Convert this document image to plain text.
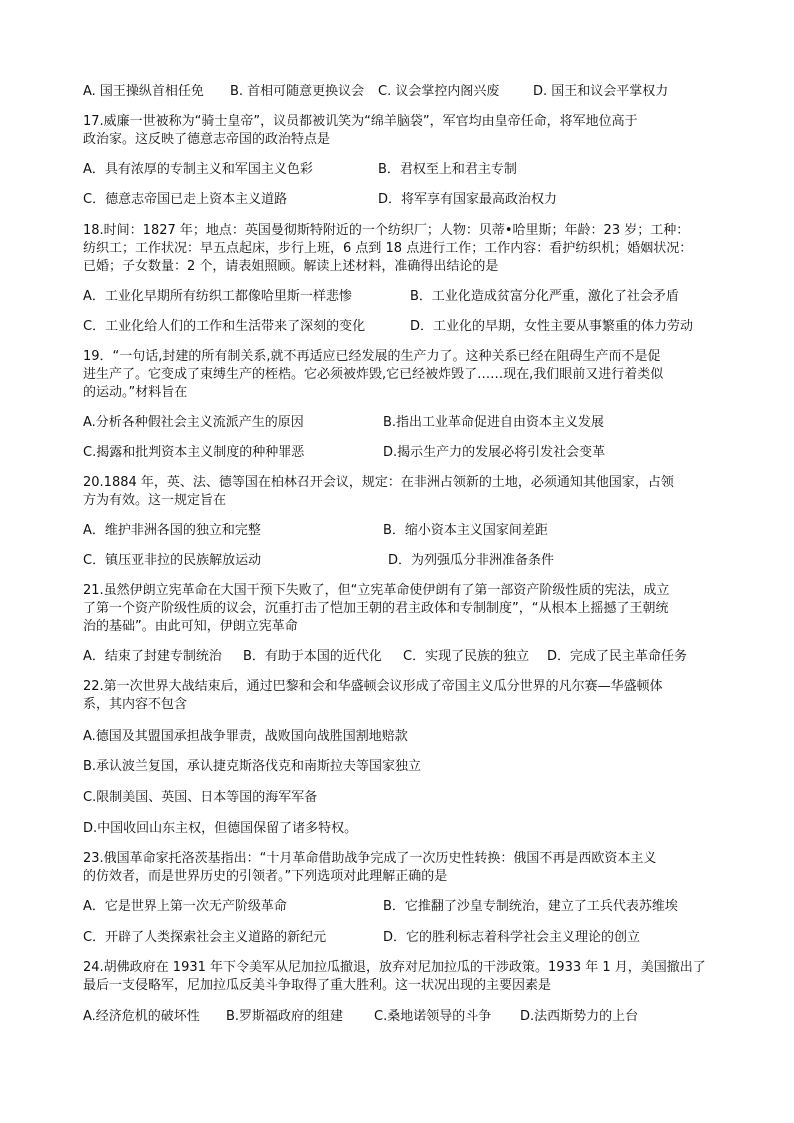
A. 国王操纵首相任免 B. 首相可随意更换议会 C. 议会掌控内阁兴废	D. 国王和议会平掌权力
17.威廉一世被称为“骑士皇帝”，议员都被讥笑为“绵羊脑袋”，军官均由皇帝任命，将军地位高于
政治家。这反映了德意志帝国的政治特点是
A．具有浓厚的专制主义和军国主义色彩	B．君权至上和君主专制
C．德意志帝国已走上资本主义道路	D．将军享有国家最高政治权力
18.时间：1827 年；地点：英国曼彻斯特附近的一个纺织厂；人物：贝蒂•哈里斯；年龄：23 岁；工种：
纺织工；工作状况：早五点起床，步行上班，6 点到 18 点进行工作；工作内容：看护纺织机；婚姻状况：
已婚；子女数量：2 个，请表姐照顾。解读上述材料，准确得出结论的是
A．工业化早期所有纺织工都像哈里斯一样悲惨	B．工业化造成贫富分化严重，激化了社会矛盾
C．工业化给人们的工作和生活带来了深刻的变化	D．工业化的早期，女性主要从事繁重的体力劳动
19．“一句话,封建的所有制关系,就不再适应已经发展的生产力了。这种关系已经在阻碍生产而不是促
进生产了。它变成了束缚生产的桎梏。它必须被炸毁,它已经被炸毁了……现在,我们眼前又进行着类似
的运动。”材料旨在
A.分析各种假社会主义流派产生的原因	B.指出工业革命促进自由资本主义发展
C.揭露和批判资本主义制度的种种罪恶	D.揭示生产力的发展必将引发社会变革
20.1884 年，英、法、德等国在柏林召开会议，规定：在非洲占领新的土地，必须通知其他国家，占领
方为有效。这一规定旨在
A．维护非洲各国的独立和完整	B．缩小资本主义国家间差距
C．镇压亚非拉的民族解放运动	D．为列强瓜分非洲准备条件
21.虽然伊朗立宪革命在大国干预下失败了，但“立宪革命使伊朗有了第一部资产阶级性质的宪法，成立
了第一个资产阶级性质的议会，沉重打击了恺加王朝的君主政体和专制制度”，“从根本上摇撼了王朝统
治的基础”。由此可知，伊朗立宪革命
A．结束了封建专制统治 B．有助于本国的近代化 C．实现了民族的独立 D．完成了民主革命任务
22.第一次世界大战结束后，通过巴黎和会和华盛顿会议形成了帝国主义瓜分世界的凡尔赛—华盛顿体
系，其内容不包含
A.德国及其盟国承担战争罪责，战败国向战胜国割地赔款
B.承认波兰复国，承认捷克斯洛伐克和南斯拉夫等国家独立
C.限制美国、英国、日本等国的海军军备
D.中国收回山东主权，但德国保留了诸多特权。
23.俄国革命家托洛茨基指出：“十月革命借助战争完成了一次历史性转换：俄国不再是西欧资本主义
的仿效者，而是世界历史的引领者。”下列选项对此理解正确的是
A．它是世界上第一次无产阶级革命	B．它推翻了沙皇专制统治，建立了工兵代表苏维埃
C．开辟了人类探索社会主义道路的新纪元	D．它的胜利标志着科学社会主义理论的创立
24.胡佛政府在 1931 年下令美军从尼加拉瓜撤退，放弃对尼加拉瓜的干涉政策。1933 年 1 月，美国撤出了
最后一支侵略军，尼加拉瓜反美斗争取得了重大胜利。这一状况出现的主要因素是
A.经济危机的破坏性 B.罗斯福政府的组建 C.桑地诺领导的斗争 D.法西斯势力的上台
